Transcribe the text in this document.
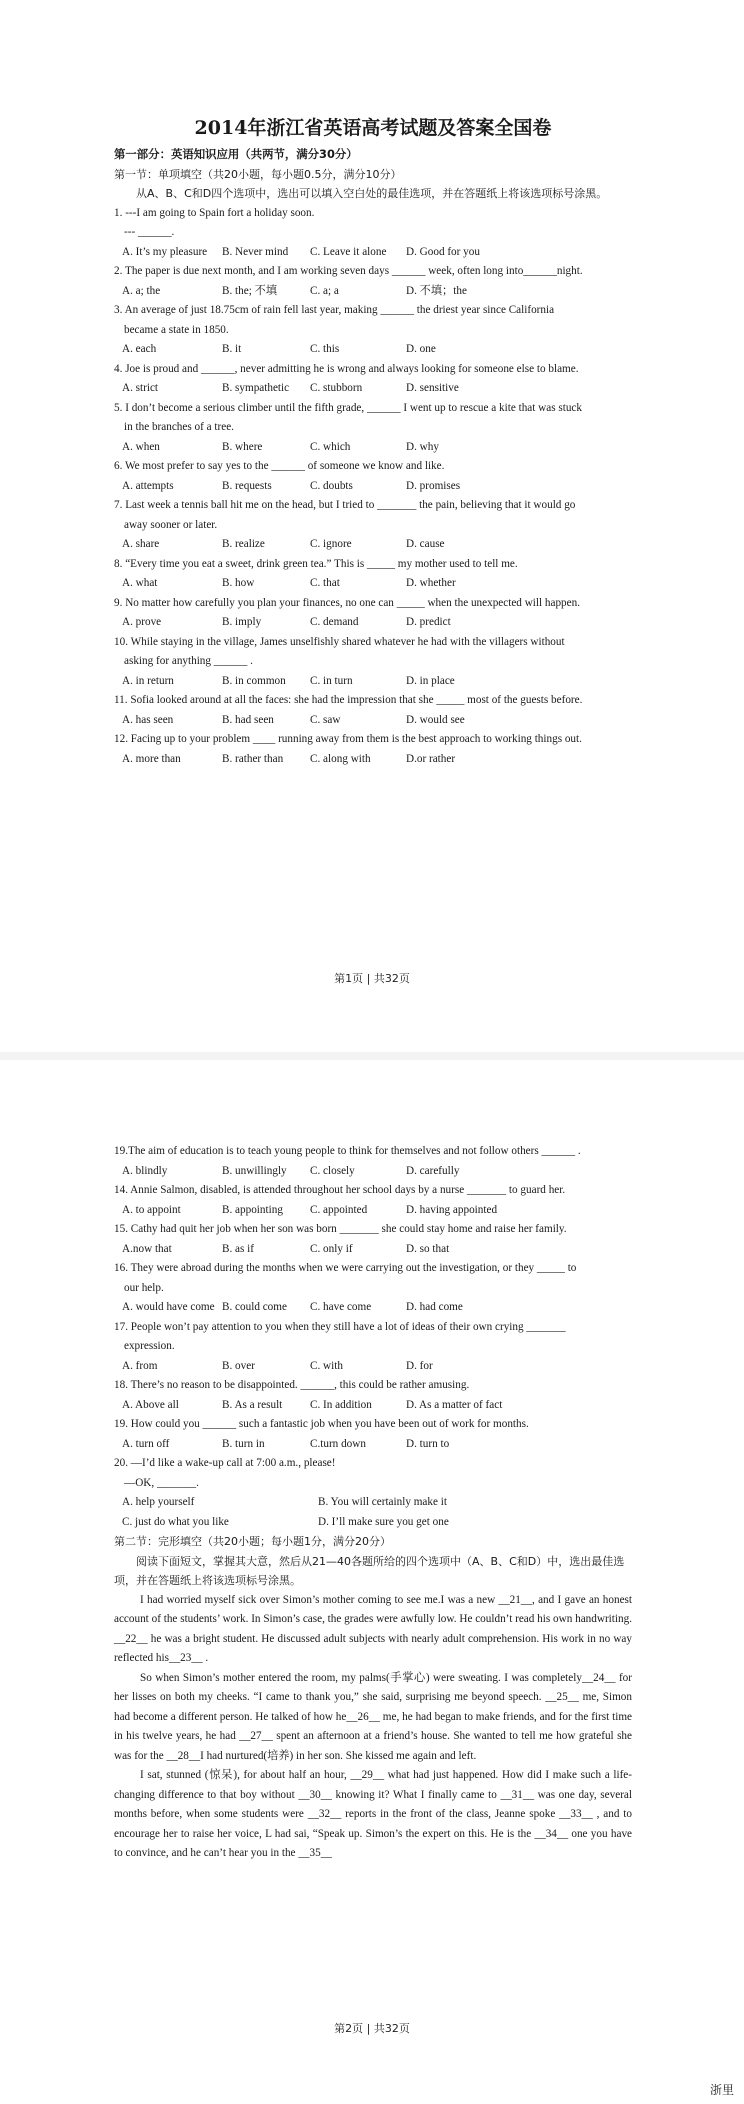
2014年浙江省英语高考试题及答案全国卷
第一部分：英语知识应用（共两节，满分30分）
第一节：单项填空（共20小题，每小题0.5分，满分10分）
从A、B、C和D四个选项中，选出可以填入空白处的最佳选项，并在答题纸上将该选项标号涂黑。
1. ---I am going to Spain fort a holiday soon.
--- ______.
A. It’s my pleasure	B. Never mind	C. Leave it alone	D. Good for you
2. The paper is due next month, and I am working seven days ______ week, often long into______night.
A. a; the	B. the; 不填	C. a; a	D. 不填；the
3. An average of just 18.75cm of rain fell last year, making ______ the driest year since California
became a state in 1850.
A. each	B. it	C. this	D. one
4. Joe is proud and ______, never admitting he is wrong and always looking for someone else to blame.
A. strict	B. sympathetic	C. stubborn	D. sensitive
5. I don’t become a serious climber until the fifth grade, ______ I went up to rescue a kite that was stuck
in the branches of a tree.
A. when	B. where	C. which	D. why
6. We most prefer to say yes to the ______ of someone we know and like.
A. attempts	B. requests	C. doubts	D. promises
7. Last week a tennis ball hit me on the head, but I tried to _______ the pain, believing that it would go
away sooner or later.
A. share	B. realize	C. ignore	D. cause
8. “Every time you eat a sweet, drink green tea.” This is _____ my mother used to tell me.
A. what	B. how	C. that	D. whether
9. No matter how carefully you plan your finances, no one can _____ when the unexpected will happen.
A. prove	B. imply	C. demand	D. predict
10. While staying in the village, James unselfishly shared whatever he had with the villagers without
asking for anything ______ .
A. in return	B. in common	C. in turn	D. in place
11. Sofia looked around at all the faces: she had the impression that she _____ most of the guests before.
A. has seen	B. had seen	C. saw	D. would see
12. Facing up to your problem ____ running away from them is the best approach to working things out.
A. more than	B. rather than	C. along with	D.or rather
第1页 | 共32页
19.The aim of education is to teach young people to think for themselves and not follow others ______ .
A. blindly	B. unwillingly	C. closely	D. carefully
14. Annie Salmon, disabled, is attended throughout her school days by a nurse _______ to guard her.
A. to appoint	B. appointing	C. appointed	D. having appointed
15. Cathy had quit her job when her son was born _______ she could stay home and raise her family.
A.now that	B. as if	C. only if	D. so that
16. They were abroad during the months when we were carrying out the investigation, or they _____ to
our help.
A. would have come B. could come	C. have come	D. had come
17. People won’t pay attention to you when they still have a lot of ideas of their own crying _______
expression.
A. from	B. over	C. with	D. for
18. There’s no reason to be disappointed. ______, this could be rather amusing.
A. Above all	B. As a result	C. In addition	D. As a matter of fact
19. How could you ______ such a fantastic job when you have been out of work for months.
A. turn off	B. turn in	C.turn down	D. turn to
20. —I’d like a wake-up call at 7:00 a.m., please!
—OK, _______.
A. help yourself	B. You will certainly make it
C. just do what you like	D. I’ll make sure you get one
第二节：完形填空（共20小题；每小题1分，满分20分）
阅读下面短文，掌握其大意，然后从21—40各题所给的四个选项中（A、B、C和D）中，选出最佳选项，并在答题纸上将该选项标号涂黑。
I had worried myself sick over Simon’s mother coming to see me.I was a new __21__, and I gave an honest account of the students’ work. In Simon’s case, the grades were awfully low. He couldn’t read his own handwriting. __22__ he was a bright student. He discussed adult subjects with nearly adult comprehension. His work in no way reflected his__23__ .
So when Simon’s mother entered the room, my palms(手掌心) were sweating. I was completely__24__ for her lisses on both my cheeks. “I came to thank you,” she said, surprising me beyond speech. __25__ me, Simon had become a different person. He talked of how he__26__ me, he had began to make friends, and for the first time in his twelve years, he had __27__ spent an afternoon at a friend’s house. She wanted to tell me how grateful she was for the __28__I had nurtured(培养) in her son. She kissed me again and left.
I sat, stunned (惊呆), for about half an hour, __29__ what had just happened. How did I make such a life-changing difference to that boy without __30__ knowing it? What I finally came to __31__ was one day, several months before, when some students were __32__ reports in the front of the class, Jeanne spoke __33__ , and to encourage her to raise her voice, L had sai, “Speak up. Simon’s the expert on this. He is the __34__ one you have to convince, and he can’t hear you in the __35__
第2页 | 共32页
浙里
